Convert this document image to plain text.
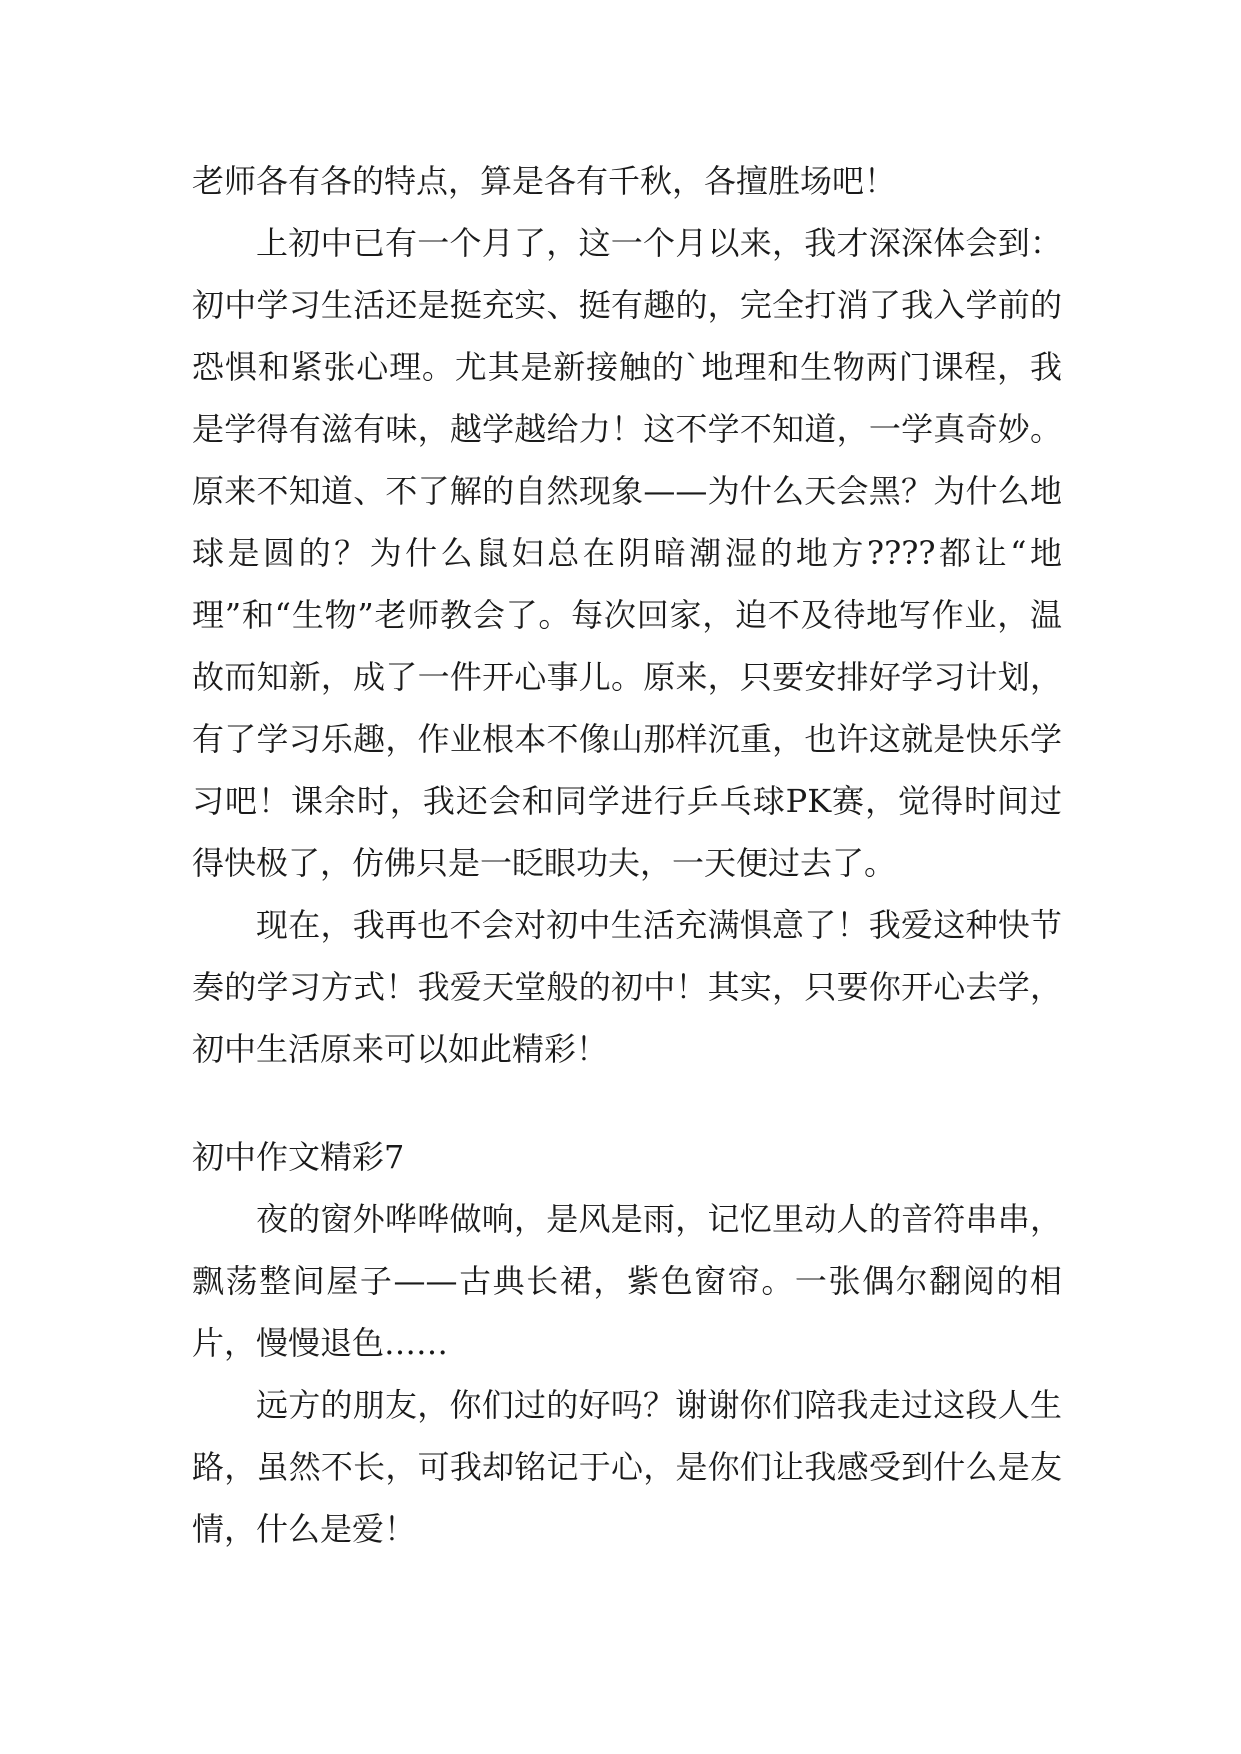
老师各有各的特点，算是各有千秋，各擅胜场吧！

上初中已有一个月了，这一个月以来，我才深深体会到：初中学习生活还是挺充实、挺有趣的，完全打消了我入学前的恐惧和紧张心理。尤其是新接触的`地理和生物两门课程，我是学得有滋有味，越学越给力！这不学不知道，一学真奇妙。原来不知道、不了解的自然现象——为什么天会黑？为什么地球是圆的？为什么鼠妇总在阴暗潮湿的地方????都让“地理”和“生物”老师教会了。每次回家，迫不及待地写作业，温故而知新，成了一件开心事儿。原来，只要安排好学习计划，有了学习乐趣，作业根本不像山那样沉重，也许这就是快乐学习吧！课余时，我还会和同学进行乒乓球PK赛，觉得时间过得快极了，仿佛只是一眨眼功夫，一天便过去了。

现在，我再也不会对初中生活充满惧意了！我爱这种快节奏的学习方式！我爱天堂般的初中！其实，只要你开心去学，初中生活原来可以如此精彩！

初中作文精彩7

夜的窗外哗哗做响，是风是雨，记忆里动人的音符串串，飘荡整间屋子——古典长裙，紫色窗帘。一张偶尔翻阅的相片，慢慢退色……

远方的朋友，你们过的好吗？谢谢你们陪我走过这段人生路，虽然不长，可我却铭记于心，是你们让我感受到什么是友情，什么是爱！
